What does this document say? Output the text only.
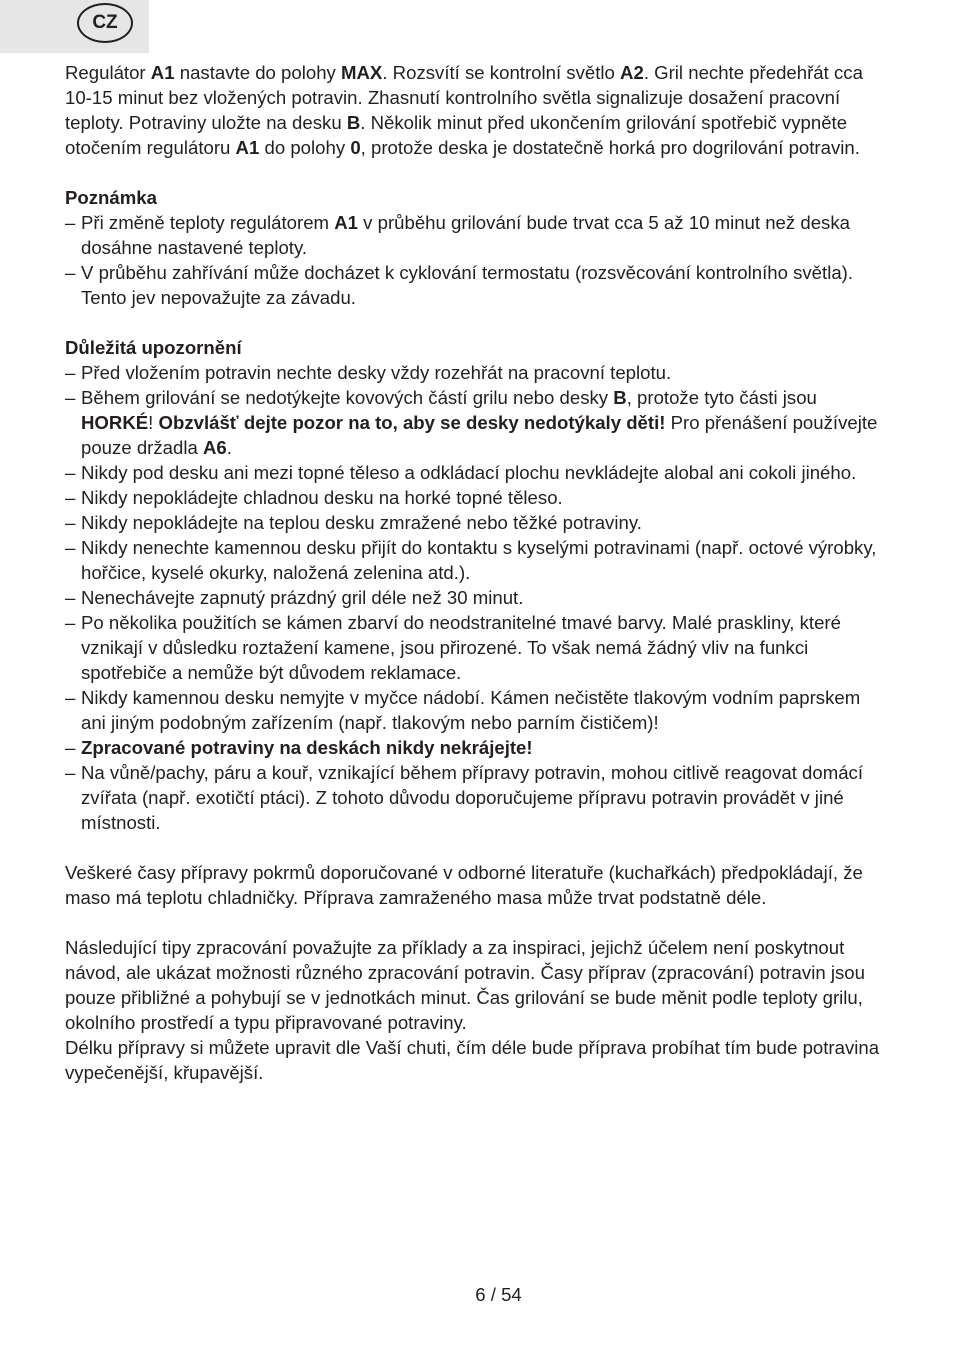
CZ

Regulátor A1 nastavte do polohy MAX. Rozsvítí se kontrolní světlo A2. Gril nechte předehřát cca 10-15 minut bez vložených potravin. Zhasnutí kontrolního světla signalizuje dosažení pracovní teploty. Potraviny uložte na desku B. Několik minut před ukončením grilování spotřebič vypněte otočením regulátoru A1 do polohy 0, protože deska je dostatečně horká pro dogrilování potravin.

Poznámka

– Při změně teploty regulátorem A1 v průběhu grilování bude trvat cca 5 až 10 minut než deska dosáhne nastavené teploty.
– V průběhu zahřívání může docházet k cyklování termostatu (rozsvěcování kontrolního světla). Tento jev nepovažujte za závadu.

Důležitá upozornění

– Před vložením potravin nechte desky vždy rozehřát na pracovní teplotu.
– Během grilování se nedotýkejte kovových částí grilu nebo desky B, protože tyto části jsou HORKÉ! Obzvlášť dejte pozor na to, aby se desky nedotýkaly děti! Pro přenášení používejte pouze držadla A6.
– Nikdy pod desku ani mezi topné těleso a odkládací plochu nevkládejte alobal ani cokoli jiného.
– Nikdy nepokládejte chladnou desku na horké topné těleso.
– Nikdy nepokládejte na teplou desku zmražené nebo těžké potraviny.
– Nikdy nenechte kamennou desku přijít do kontaktu s kyselými potravinami (např. octové výrobky, hořčice, kyselé okurky, naložená zelenina atd.).
– Nenechávejte zapnutý prázdný gril déle než 30 minut.
– Po několika použitích se kámen zbarví do neodstranitelné tmavé barvy. Malé praskliny, které vznikají v důsledku roztažení kamene, jsou přirozené. To však nemá žádný vliv na funkci spotřebiče a nemůže být důvodem reklamace.
– Nikdy kamennou desku nemyjte v myčce nádobí. Kámen nečistěte tlakovým vodním paprskem ani jiným podobným zařízením (např. tlakovým nebo parním čističem)!
– Zpracované potraviny na deskách nikdy nekrájejte!
– Na vůně/pachy, páru a kouř, vznikající během přípravy potravin, mohou citlivě reagovat domácí zvířata (např. exotičtí ptáci). Z tohoto důvodu doporučujeme přípravu potravin provádět v jiné místnosti.

Veškeré časy přípravy pokrmů doporučované v odborné literatuře (kuchařkách) předpokládají, že maso má teplotu chladničky. Příprava zamraženého masa může trvat podstatně déle.

Následující tipy zpracování považujte za příklady a za inspiraci, jejichž účelem není poskytnout návod, ale ukázat možnosti různého zpracování potravin. Časy příprav (zpracování) potravin jsou pouze přibližné a pohybují se v jednotkách minut. Čas grilování se bude měnit podle teploty grilu, okolního prostředí a typu připravované potraviny.

Délku přípravy si můžete upravit dle Vaší chuti, čím déle bude příprava probíhat tím bude potravina vypečenější, křupavější.

6 / 54
